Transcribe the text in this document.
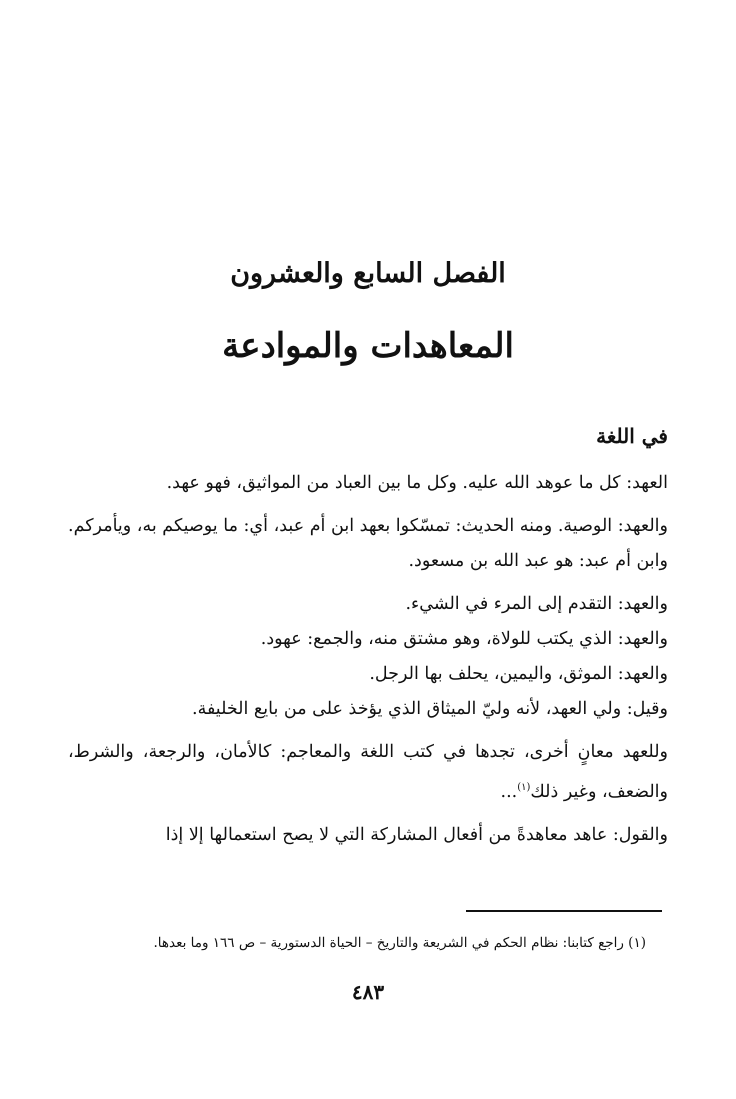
الفصل السابع والعشرون
المعاهدات والموادعة
في اللغة

العهد: كل ما عوهد الله عليه. وكل ما بين العباد من المواثيق، فهو عهد.

والعهد: الوصية. ومنه الحديث: تمسّكوا بعهد ابن أم عبد، أي: ما يوصيكم به، ويأمركم. وابن أم عبد: هو عبد الله بن مسعود.

والعهد: التقدم إلى المرء في الشيء.

والعهد: الذي يكتب للولاة، وهو مشتق منه، والجمع: عهود.

والعهد: الموثق، واليمين، يحلف بها الرجل.

وقيل: ولي العهد، لأنه وليّ الميثاق الذي يؤخذ على من بايع الخليفة.

وللعهد معانٍ أخرى، تجدها في كتب اللغة والمعاجم: كالأمان، والرجعة، والشرط، والضعف، وغير ذلك$^{(١)}$...

والقول: عاهد معاهدةً من أفعال المشاركة التي لا يصح استعمالها إلا إذا

(١) راجع كتابنا: نظام الحكم في الشريعة والتاريخ – الحياة الدستورية – ص ١٦٦ وما بعدها.
٤٨٣
